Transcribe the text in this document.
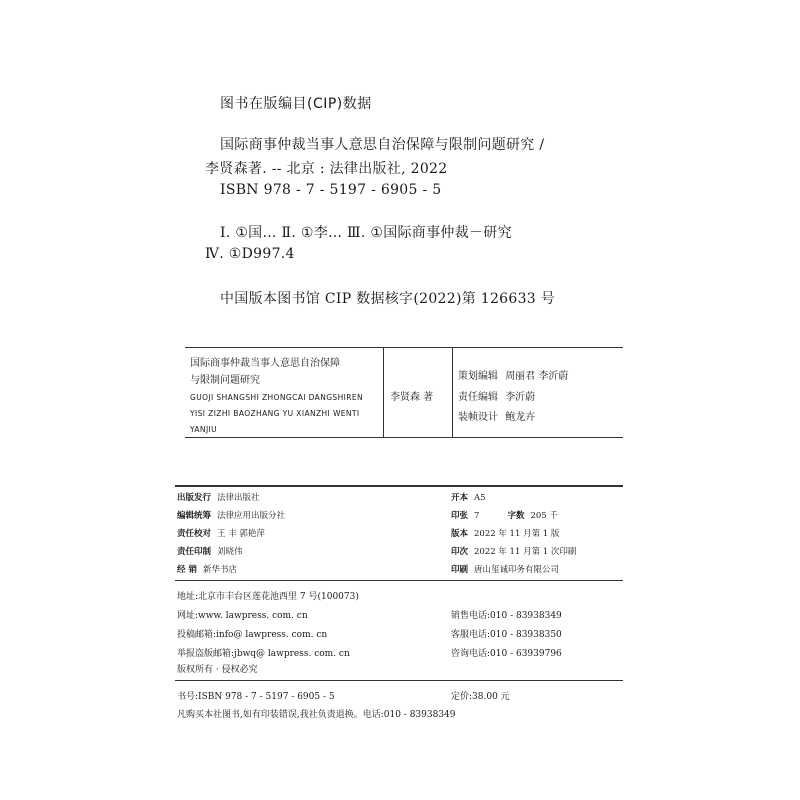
图书在版编目(CIP)数据
国际商事仲裁当事人意思自治保障与限制问题研究 /
李贤森著. -- 北京 : 法律出版社, 2022
ISBN 978 - 7 - 5197 - 6905 - 5
Ⅰ. ①国… Ⅱ. ①李… Ⅲ. ①国际商事仲裁－研究
Ⅳ. ①D997.4
中国版本图书馆 CIP 数据核字(2022)第 126633 号
国际商事仲裁当事人意思自治保障
与限制问题研究
GUOJI SHANGSHI ZHONGCAI DANGSHIREN
YISI ZIZHI BAOZHANG YU XIANZHI WENTI
YANJIU
李贤森 著
策划编辑 周丽君 李沂蔚
责任编辑 李沂蔚
装帧设计 鲍龙卉
出版发行 法律出版社
编辑统筹 法律应用出版分社
责任校对 王 丰 郭艳萍
责任印制 刘晓伟
经 销 新华书店
开本 A5
印张 7	字数 205 千
版本 2022 年 11 月第 1 版
印次 2022 年 11 月第 1 次印刷
印刷 唐山玺诚印务有限公司
地址:北京市丰台区莲花池西里 7 号(100073)
网址:www. lawpress. com. cn
投稿邮箱:info@ lawpress. com. cn
举报盗版邮箱:jbwq@ lawpress. com. cn
版权所有 · 侵权必究
销售电话:010 - 83938349
客服电话:010 - 83938350
咨询电话:010 - 63939796
书号:ISBN 978 - 7 - 5197 - 6905 - 5	定价:38.00 元
凡购买本社图书,如有印装错误,我社负责退换。电话:010 - 83938349
